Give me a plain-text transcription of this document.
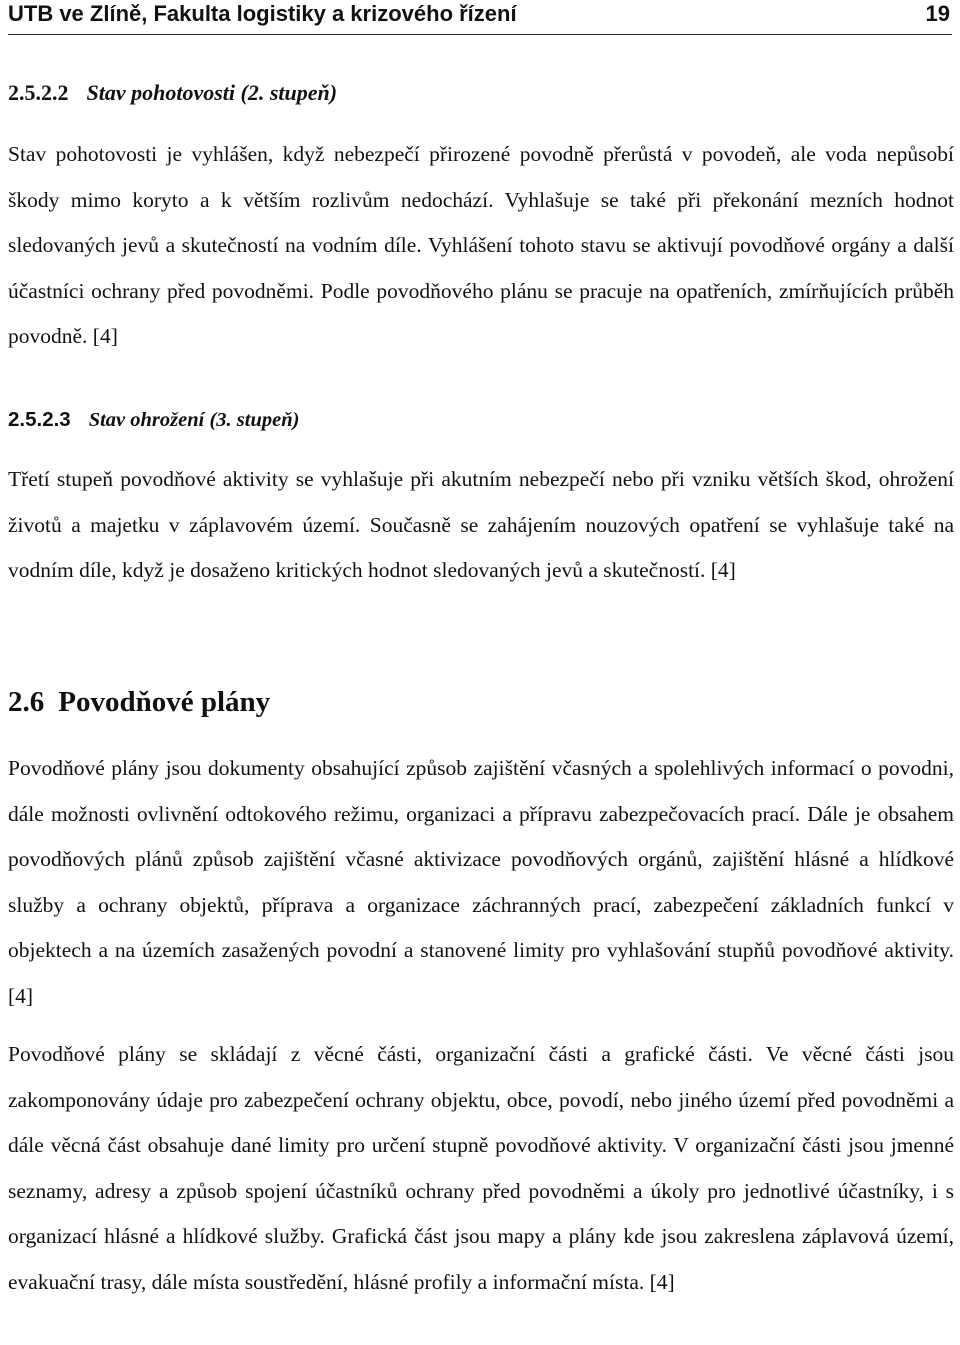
UTB ve Zlíně, Fakulta logistiky a krizového řízení	19
2.5.2.2 Stav pohotovosti (2. stupeň)

Stav pohotovosti je vyhlášen, když nebezpečí přirozené povodně přerůstá v povodeň, ale voda nepůsobí škody mimo koryto a k větším rozlivům nedochází. Vyhlašuje se také při překonání mezních hodnot sledovaných jevů a skutečností na vodním díle. Vyhlášení tohoto stavu se aktivují povodňové orgány a další účastníci ochrany před povodněmi. Podle povodňového plánu se pracuje na opatřeních, zmírňujících průběh povodně. [4]

2.5.2.3 Stav ohrožení (3. stupeň)

Třetí stupeň povodňové aktivity se vyhlašuje při akutním nebezpečí nebo při vzniku větších škod, ohrožení životů a majetku v záplavovém území. Současně se zahájením nouzových opatření se vyhlašuje také na vodním díle, když je dosaženo kritických hodnot sledovaných jevů a skutečností. [4]

2.6 Povodňové plány

Povodňové plány jsou dokumenty obsahující způsob zajištění včasných a spolehlivých informací o povodni, dále možnosti ovlivnění odtokového režimu, organizaci a přípravu zabezpečovacích prací. Dále je obsahem povodňových plánů způsob zajištění včasné aktivizace povodňových orgánů, zajištění hlásné a hlídkové služby a ochrany objektů, příprava a organizace záchranných prací, zabezpečení základních funkcí v objektech a na územích zasažených povodní a stanovené limity pro vyhlašování stupňů povodňové aktivity. [4]

Povodňové plány se skládají z věcné části, organizační části a grafické části. Ve věcné části jsou zakomponovány údaje pro zabezpečení ochrany objektu, obce, povodí, nebo jiného území před povodněmi a dále věcná část obsahuje dané limity pro určení stupně povodňové aktivity. V organizační části jsou jmenné seznamy, adresy a způsob spojení účastníků ochrany před povodněmi a úkoly pro jednotlivé účastníky, i s organizací hlásné a hlídkové služby. Grafická část jsou mapy a plány kde jsou zakreslena záplavová území, evakuační trasy, dále místa soustředění, hlásné profily a informační místa. [4]
